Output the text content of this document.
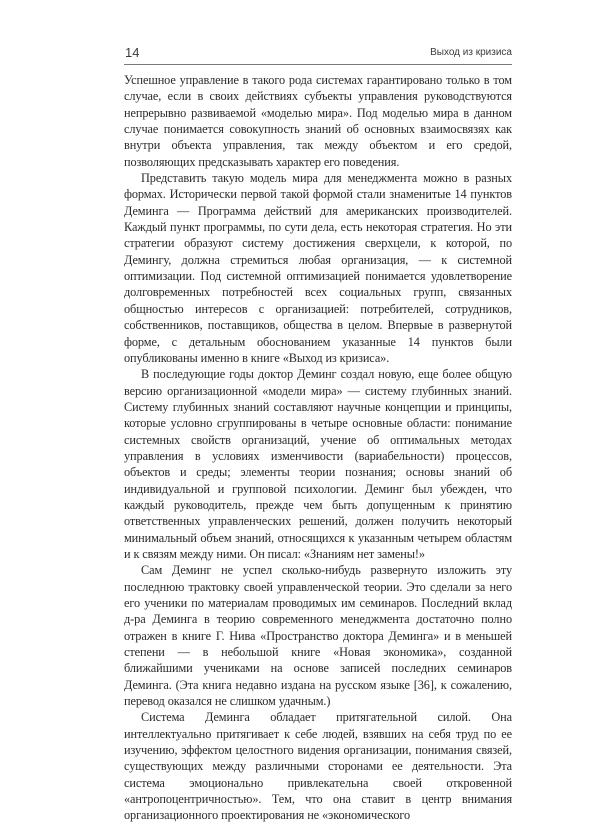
14	Выход из кризиса

Успешное управление в такого рода системах гарантировано только в том случае, если в своих действиях субъекты управления руководствуются непрерывно развиваемой «моделью мира». Под моделью мира в данном случае понимается совокупность знаний об основных взаимосвязях как внутри объекта управления, так между объектом и его средой, позволяющих предсказывать характер его поведения.

Представить такую модель мира для менеджмента можно в разных формах. Исторически первой такой формой стали знаменитые 14 пунктов Деминга — Программа действий для американских производителей. Каждый пункт программы, по сути дела, есть некоторая стратегия. Но эти стратегии образуют систему достижения сверхцели, к которой, по Демингу, должна стремиться любая организация, — к системной оптимизации. Под системной оптимизацией понимается удовлетворение долговременных потребностей всех социальных групп, связанных общностью интересов с организацией: потребителей, сотрудников, собственников, поставщиков, общества в целом. Впервые в развернутой форме, с детальным обоснованием указанные 14 пунктов были опубликованы именно в книге «Выход из кризиса».

В последующие годы доктор Деминг создал новую, еще более общую версию организационной «модели мира» — систему глубинных знаний. Систему глубинных знаний составляют научные концепции и принципы, которые условно сгруппированы в четыре основные области: понимание системных свойств организаций, учение об оптимальных методах управления в условиях изменчивости (вариабельности) процессов, объектов и среды; элементы теории познания; основы знаний об индивидуальной и групповой психологии. Деминг был убежден, что каждый руководитель, прежде чем быть допущенным к принятию ответственных управленческих решений, должен получить некоторый минимальный объем знаний, относящихся к указанным четырем областям и к связям между ними. Он писал: «Знаниям нет замены!»

Сам Деминг не успел сколько-нибудь развернуто изложить эту последнюю трактовку своей управленческой теории. Это сделали за него его ученики по материалам проводимых им семинаров. Последний вклад д-ра Деминга в теорию современного менеджмента достаточно полно отражен в книге Г. Нива «Пространство доктора Деминга» и в меньшей степени — в небольшой книге «Новая экономика», созданной ближайшими учениками на основе записей последних семинаров Деминга. (Эта книга недавно издана на русском языке [36], к сожалению, перевод оказался не слишком удачным.)

Система Деминга обладает притягательной силой. Она интеллектуально притягивает к себе людей, взявших на себя труд по ее изучению, эффектом целостного видения организации, понимания связей, существующих между различными сторонами ее деятельности. Эта система эмоционально привлекательна своей откровенной «антропоцентричностью». Тем, что она ставит в центр внимания организационного проектирования не «экономического
